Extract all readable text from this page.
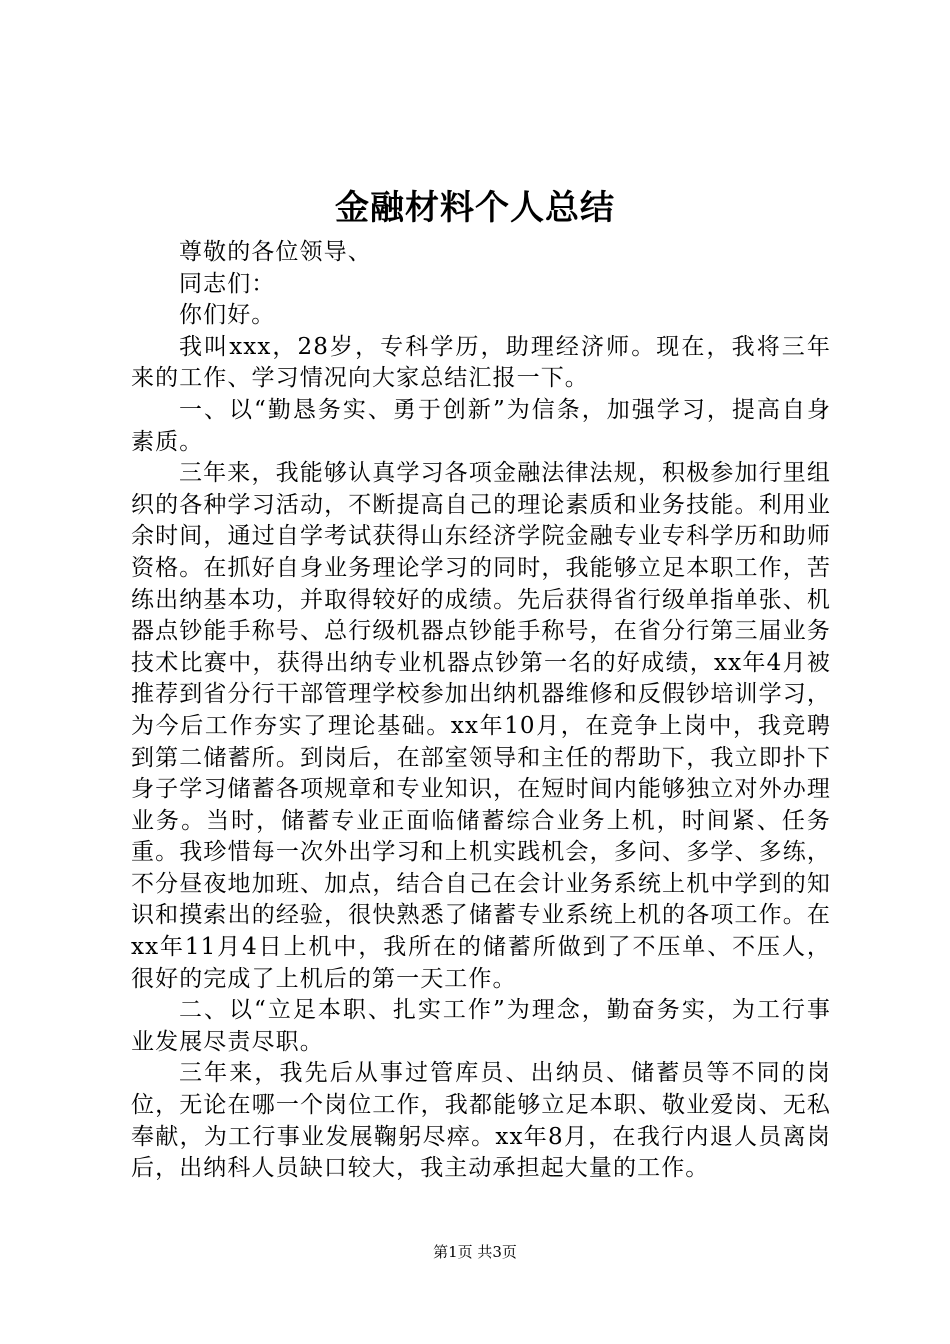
金融材料个人总结

尊敬的各位领导、

同志们：

你们好。

我叫xxx，28岁，专科学历，助理经济师。现在，我将三年来的工作、学习情况向大家总结汇报一下。

一、以“勤恳务实、勇于创新”为信条，加强学习，提高自身素质。

三年来，我能够认真学习各项金融法律法规，积极参加行里组织的各种学习活动，不断提高自己的理论素质和业务技能。利用业余时间，通过自学考试获得山东经济学院金融专业专科学历和助师资格。在抓好自身业务理论学习的同时，我能够立足本职工作，苦练出纳基本功，并取得较好的成绩。先后获得省行级单指单张、机器点钞能手称号、总行级机器点钞能手称号，在省分行第三届业务技术比赛中，获得出纳专业机器点钞第一名的好成绩，xx年4月被推荐到省分行干部管理学校参加出纳机器维修和反假钞培训学习，为今后工作夯实了理论基础。xx年10月，在竞争上岗中，我竞聘到第二储蓄所。到岗后，在部室领导和主任的帮助下，我立即扑下身子学习储蓄各项规章和专业知识，在短时间内能够独立对外办理业务。当时，储蓄专业正面临储蓄综合业务上机，时间紧、任务重。我珍惜每一次外出学习和上机实践机会，多问、多学、多练，不分昼夜地加班、加点，结合自己在会计业务系统上机中学到的知识和摸索出的经验，很快熟悉了储蓄专业系统上机的各项工作。在xx年11月4日上机中，我所在的储蓄所做到了不压单、不压人，很好的完成了上机后的第一天工作。

二、以“立足本职、扎实工作”为理念，勤奋务实，为工行事业发展尽责尽职。

三年来，我先后从事过管库员、出纳员、储蓄员等不同的岗位，无论在哪一个岗位工作，我都能够立足本职、敬业爱岗、无私奉献，为工行事业发展鞠躬尽瘁。xx年8月，在我行内退人员离岗后，出纳科人员缺口较大，我主动承担起大量的工作。

第1页 共3页
